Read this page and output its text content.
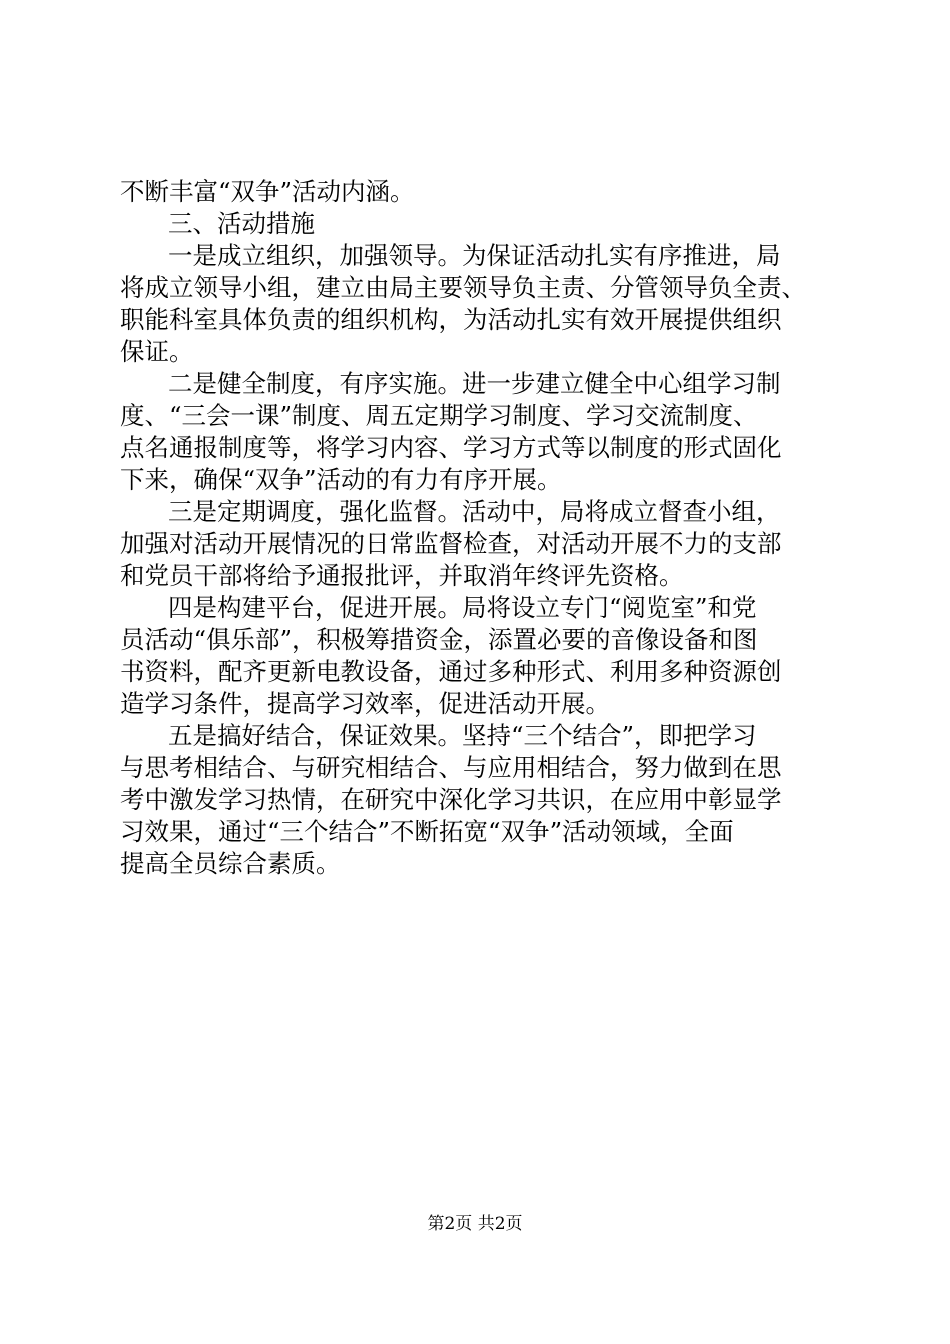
不断丰富“双争”活动内涵。
三、活动措施
一是成立组织，加强领导。为保证活动扎实有序推进，局
将成立领导小组，建立由局主要领导负主责、分管领导负全责、
职能科室具体负责的组织机构，为活动扎实有效开展提供组织
保证。
二是健全制度，有序实施。进一步建立健全中心组学习制
度、“三会一课”制度、周五定期学习制度、学习交流制度、
点名通报制度等，将学习内容、学习方式等以制度的形式固化
下来，确保“双争”活动的有力有序开展。
三是定期调度，强化监督。活动中，局将成立督查小组，
加强对活动开展情况的日常监督检查，对活动开展不力的支部
和党员干部将给予通报批评，并取消年终评先资格。
四是构建平台，促进开展。局将设立专门“阅览室”和党
员活动“俱乐部”，积极筹措资金，添置必要的音像设备和图
书资料，配齐更新电教设备，通过多种形式、利用多种资源创
造学习条件，提高学习效率，促进活动开展。
五是搞好结合，保证效果。坚持“三个结合”，即把学习
与思考相结合、与研究相结合、与应用相结合，努力做到在思
考中激发学习热情，在研究中深化学习共识，在应用中彰显学
习效果，通过“三个结合”不断拓宽“双争”活动领域，全面
提高全员综合素质。
第2页 共2页
